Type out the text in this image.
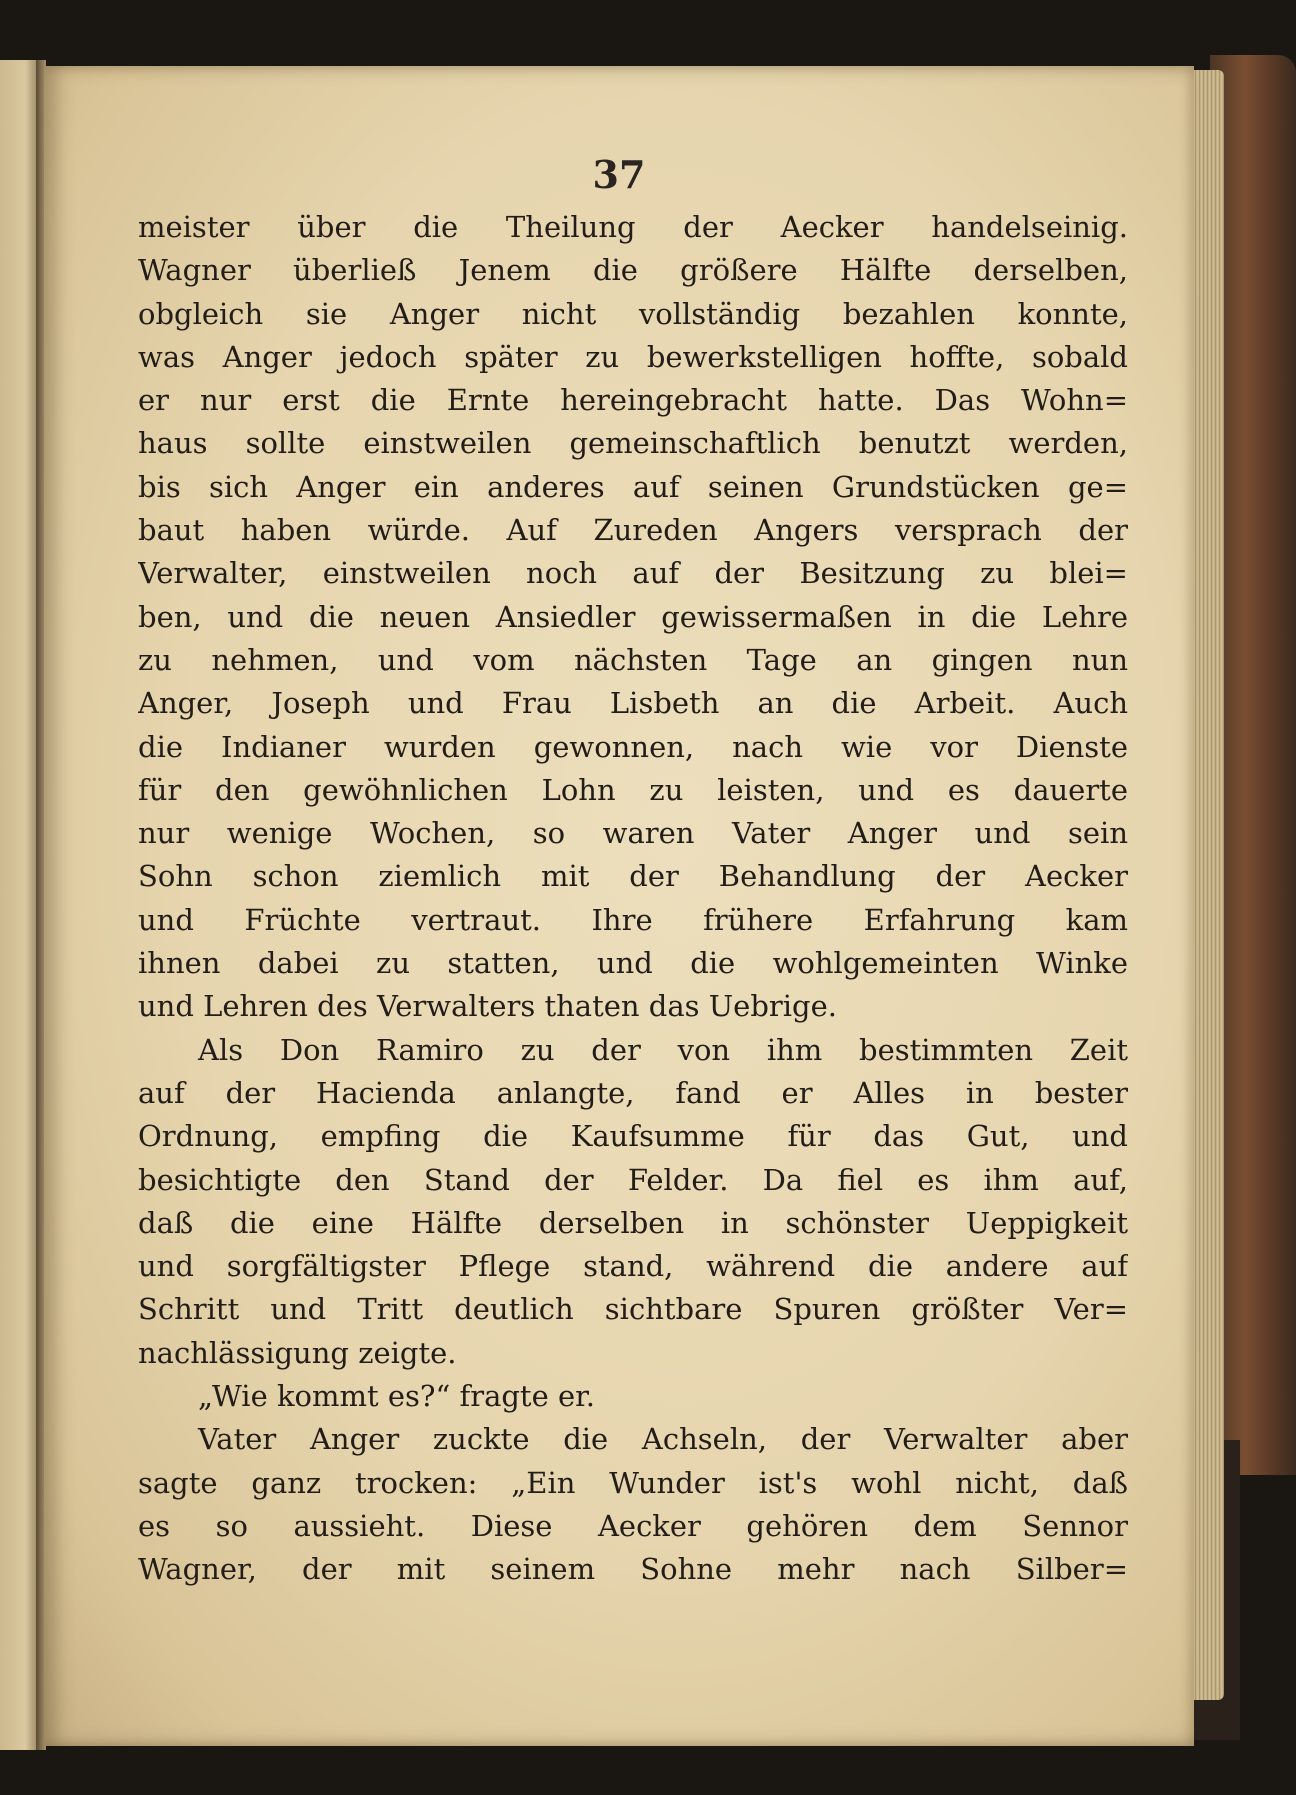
37
meister über die Theilung der Aecker handelseinig.
Wagner überließ Jenem die größere Hälfte derselben,
obgleich sie Anger nicht vollständig bezahlen konnte,
was Anger jedoch später zu bewerkstelligen hoffte, sobald
er nur erst die Ernte hereingebracht hatte. Das Wohn=
haus sollte einstweilen gemeinschaftlich benutzt werden,
bis sich Anger ein anderes auf seinen Grundstücken ge=
baut haben würde. Auf Zureden Angers versprach der
Verwalter, einstweilen noch auf der Besitzung zu blei=
ben, und die neuen Ansiedler gewissermaßen in die Lehre
zu nehmen, und vom nächsten Tage an gingen nun
Anger, Joseph und Frau Lisbeth an die Arbeit. Auch
die Indianer wurden gewonnen, nach wie vor Dienste
für den gewöhnlichen Lohn zu leisten, und es dauerte
nur wenige Wochen, so waren Vater Anger und sein
Sohn schon ziemlich mit der Behandlung der Aecker
und Früchte vertraut. Ihre frühere Erfahrung kam
ihnen dabei zu statten, und die wohlgemeinten Winke
und Lehren des Verwalters thaten das Uebrige.
Als Don Ramiro zu der von ihm bestimmten Zeit
auf der Hacienda anlangte, fand er Alles in bester
Ordnung, empfing die Kaufsumme für das Gut, und
besichtigte den Stand der Felder. Da fiel es ihm auf,
daß die eine Hälfte derselben in schönster Ueppigkeit
und sorgfältigster Pflege stand, während die andere auf
Schritt und Tritt deutlich sichtbare Spuren größter Ver=
nachlässigung zeigte.
„Wie kommt es?“ fragte er.
Vater Anger zuckte die Achseln, der Verwalter aber
sagte ganz trocken: „Ein Wunder ist's wohl nicht, daß
es so aussieht. Diese Aecker gehören dem Sennor
Wagner, der mit seinem Sohne mehr nach Silber=
